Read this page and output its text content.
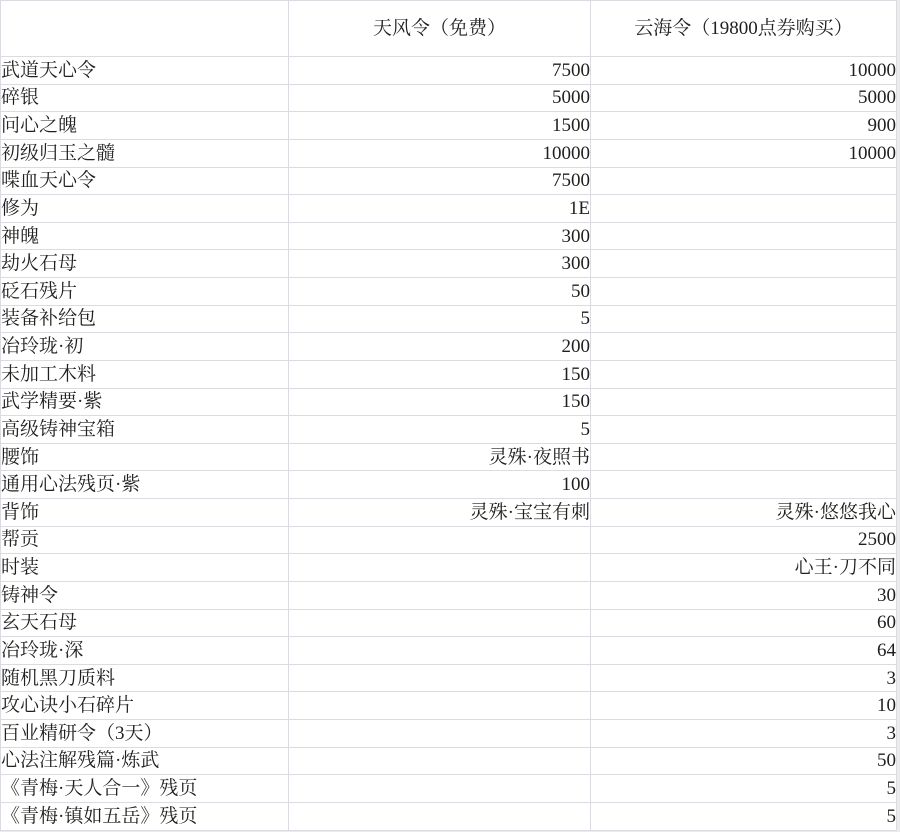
	天风令（免费）	云海令（19800点券购买）
武道天心令	7500	10000
碎银	5000	5000
问心之魄	1500	900
初级归玉之髓	10000	10000
喋血天心令	7500	
修为	1E	
神魄	300	
劫火石母	300	
砭石残片	50	
装备补给包	5	
冶玲珑·初	200	
未加工木料	150	
武学精要·紫	150	
高级铸神宝箱	5	
腰饰	灵殊·夜照书	
通用心法残页·紫	100	
背饰	灵殊·宝宝有刺	灵殊·悠悠我心
帮贡		2500
时装		心王·刀不同
铸神令		30
玄天石母		60
冶玲珑·深		64
随机黑刀质料		3
攻心诀小石碎片		10
百业精研令（3天）		3
心法注解残篇·炼武		50
《青梅·天人合一》残页		5
《青梅·镇如五岳》残页		5
